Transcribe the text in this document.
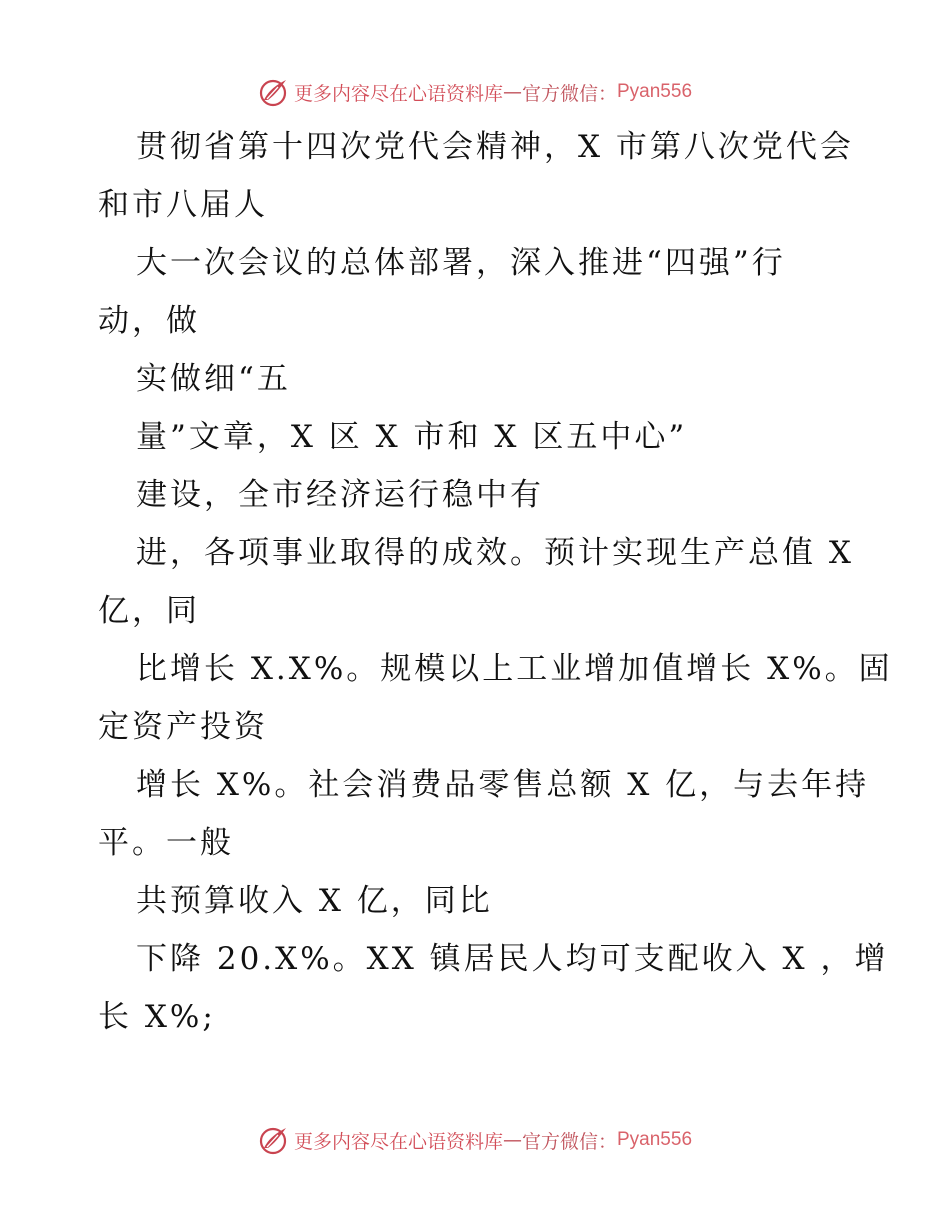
更多内容尽在心语资料库 — 官方微信： Pyan556
贯彻省第十四次党代会精神，X 市第八次党代会
和市八届人
大一次会议的总体部署，深入推进“四强”行
动，做
实做细“五
量”文章，X 区 X 市和 X 区五中心”
建设，全市经济运行稳中有
进，各项事业取得的成效。预计实现生产总值 X
亿，同
比增长 X.X%。规模以上工业增加值增长 X%。固
定资产投资
增长 X%。社会消费品零售总额 X 亿，与去年持
平。一般
共预算收入 X 亿，同比
下降 20.X%。XX 镇居民人均可支配收入 X ，增
长 X%;
更多内容尽在心语资料库 — 官方微信： Pyan556
